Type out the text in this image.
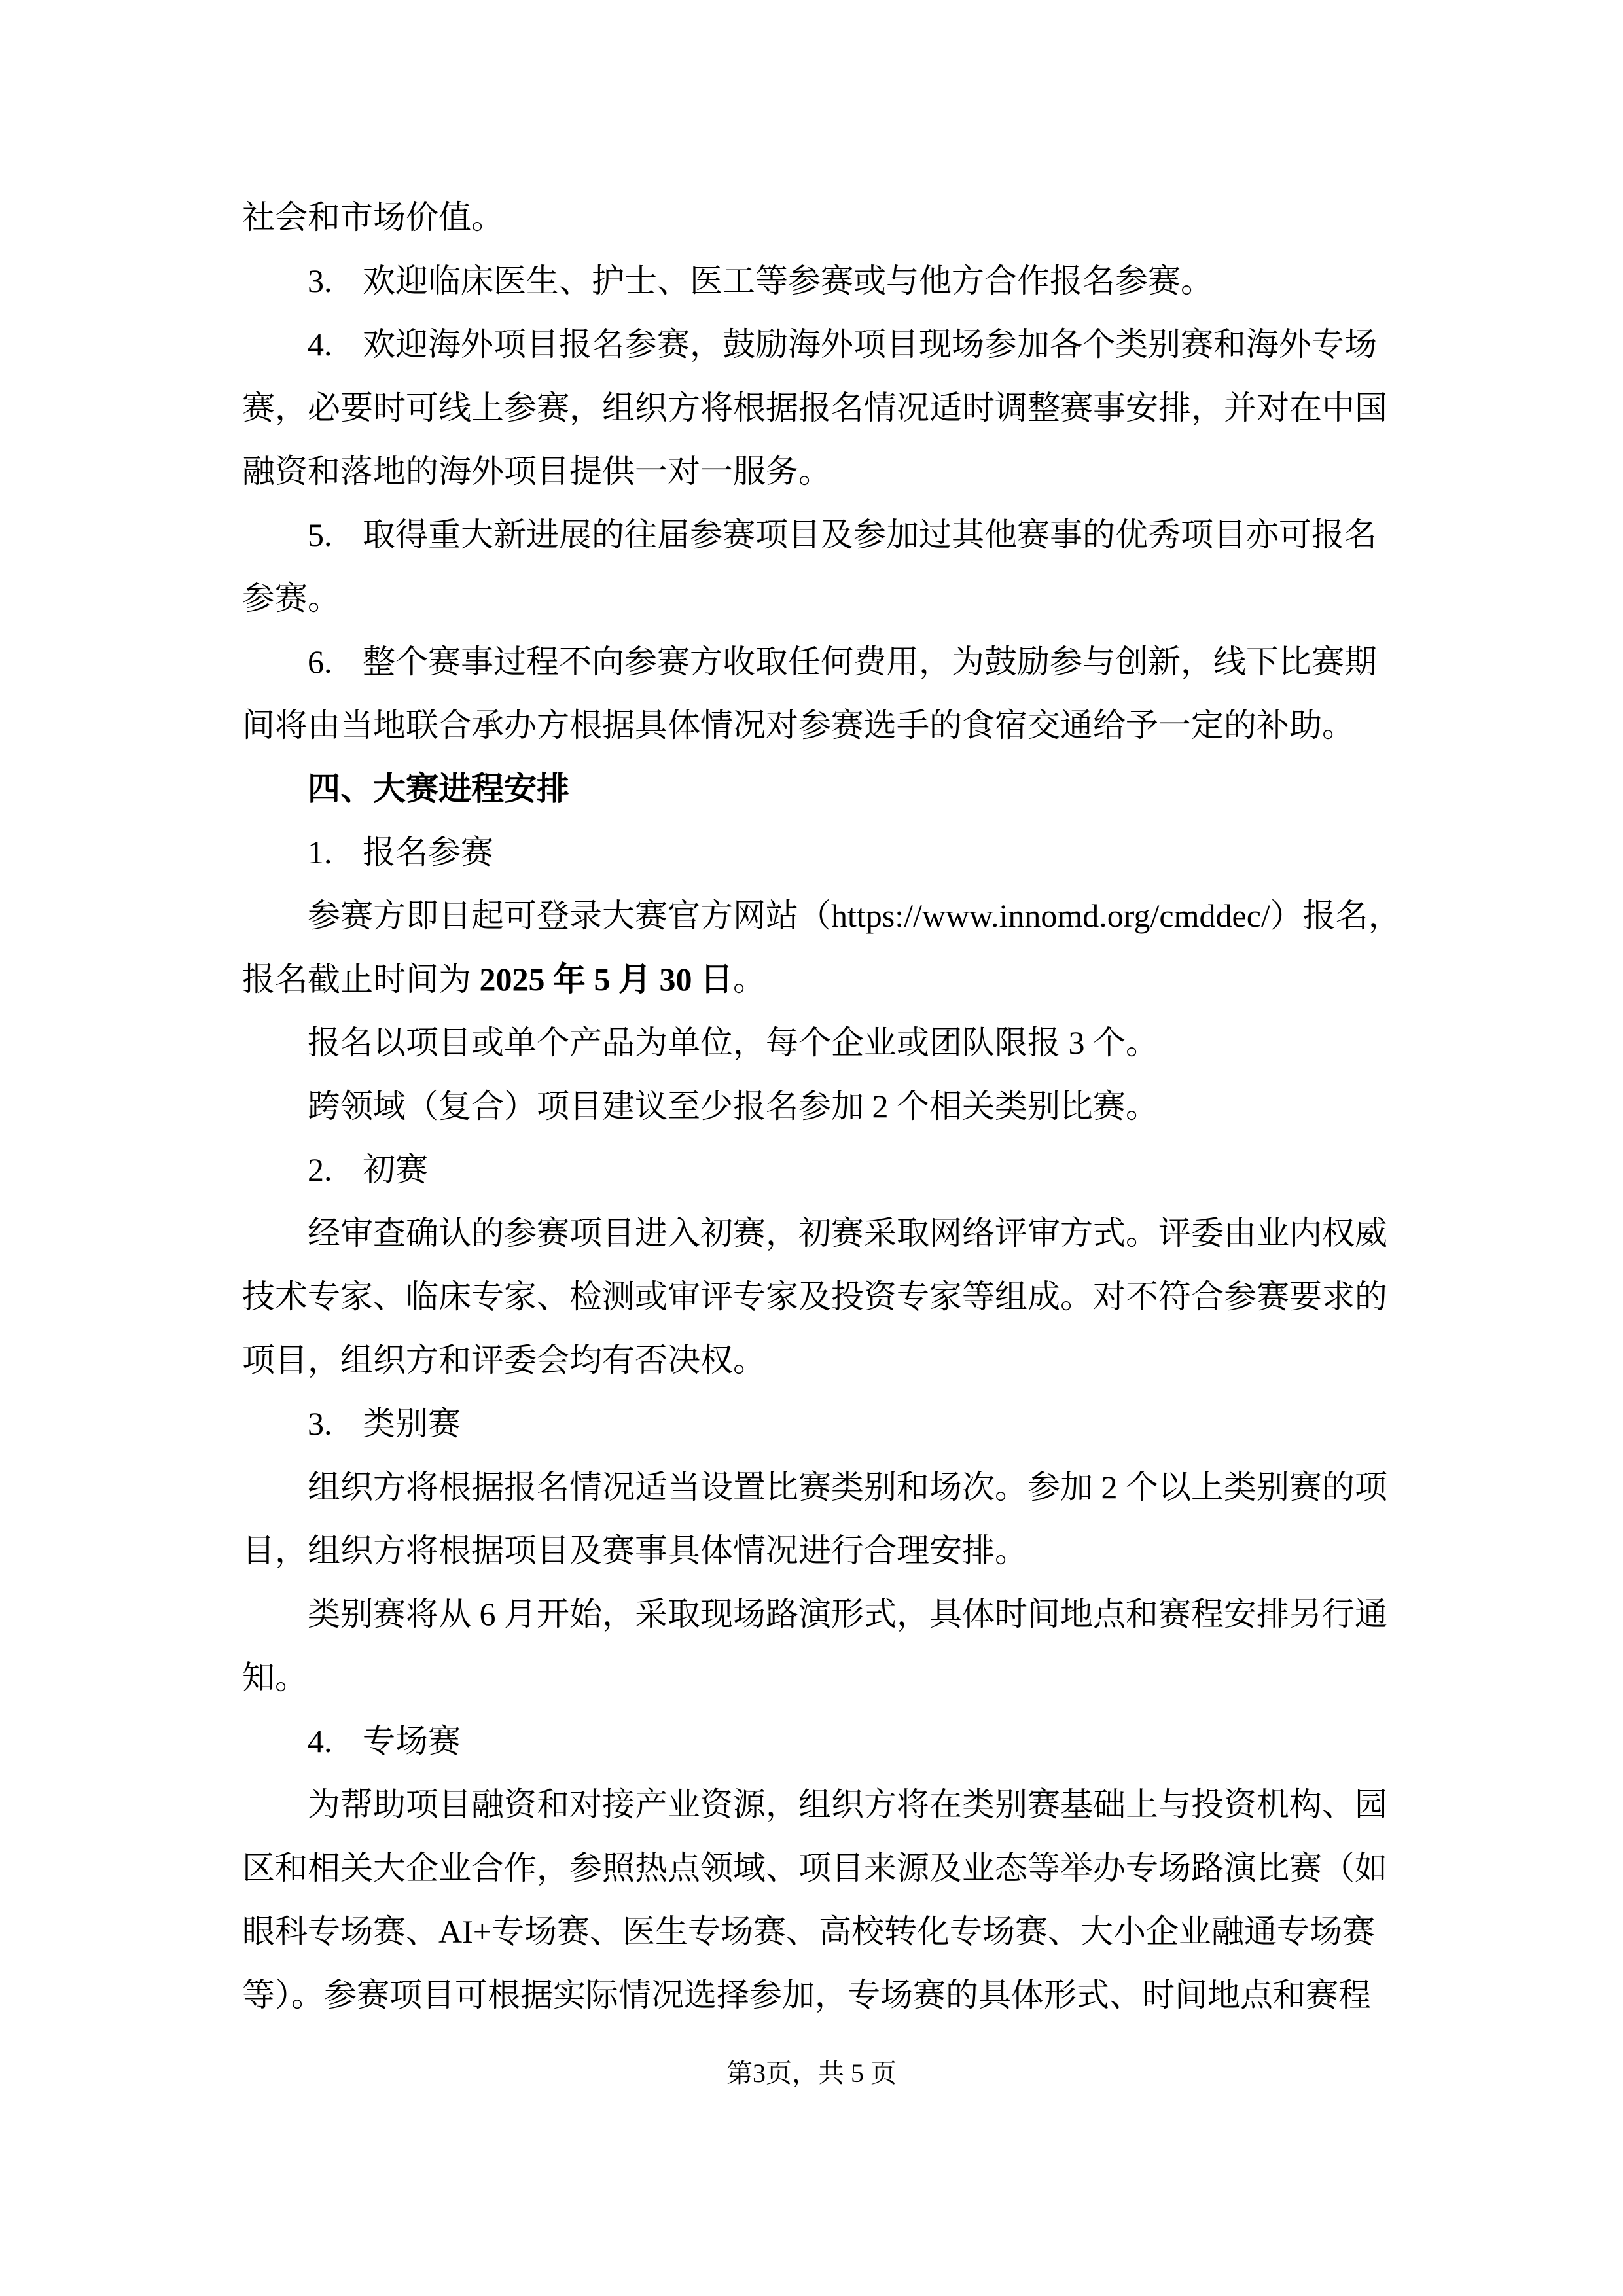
社会和市场价值。
3. 欢迎临床医生、护士、医工等参赛或与他方合作报名参赛。
4. 欢迎海外项目报名参赛，鼓励海外项目现场参加各个类别赛和海外专场
赛，必要时可线上参赛，组织方将根据报名情况适时调整赛事安排，并对在中国
融资和落地的海外项目提供一对一服务。
5. 取得重大新进展的往届参赛项目及参加过其他赛事的优秀项目亦可报名
参赛。
6. 整个赛事过程不向参赛方收取任何费用，为鼓励参与创新，线下比赛期
间将由当地联合承办方根据具体情况对参赛选手的食宿交通给予一定的补助。
四、大赛进程安排
1. 报名参赛
参赛方即日起可登录大赛官方网站（https://www.innomd.org/cmddec/）报名，
报名截止时间为 2025 年 5 月 30 日。
报名以项目或单个产品为单位，每个企业或团队限报 3 个。
跨领域（复合）项目建议至少报名参加 2 个相关类别比赛。
2. 初赛
经审查确认的参赛项目进入初赛，初赛采取网络评审方式。评委由业内权威
技术专家、临床专家、检测或审评专家及投资专家等组成。对不符合参赛要求的
项目，组织方和评委会均有否决权。
3. 类别赛
组织方将根据报名情况适当设置比赛类别和场次。参加 2 个以上类别赛的项
目，组织方将根据项目及赛事具体情况进行合理安排。
类别赛将从 6 月开始，采取现场路演形式，具体时间地点和赛程安排另行通
知。
4. 专场赛
为帮助项目融资和对接产业资源，组织方将在类别赛基础上与投资机构、园
区和相关大企业合作，参照热点领域、项目来源及业态等举办专场路演比赛（如
眼科专场赛、AI+专场赛、医生专场赛、高校转化专场赛、大小企业融通专场赛
等）。参赛项目可根据实际情况选择参加，专场赛的具体形式、时间地点和赛程
第3页，共 5 页
